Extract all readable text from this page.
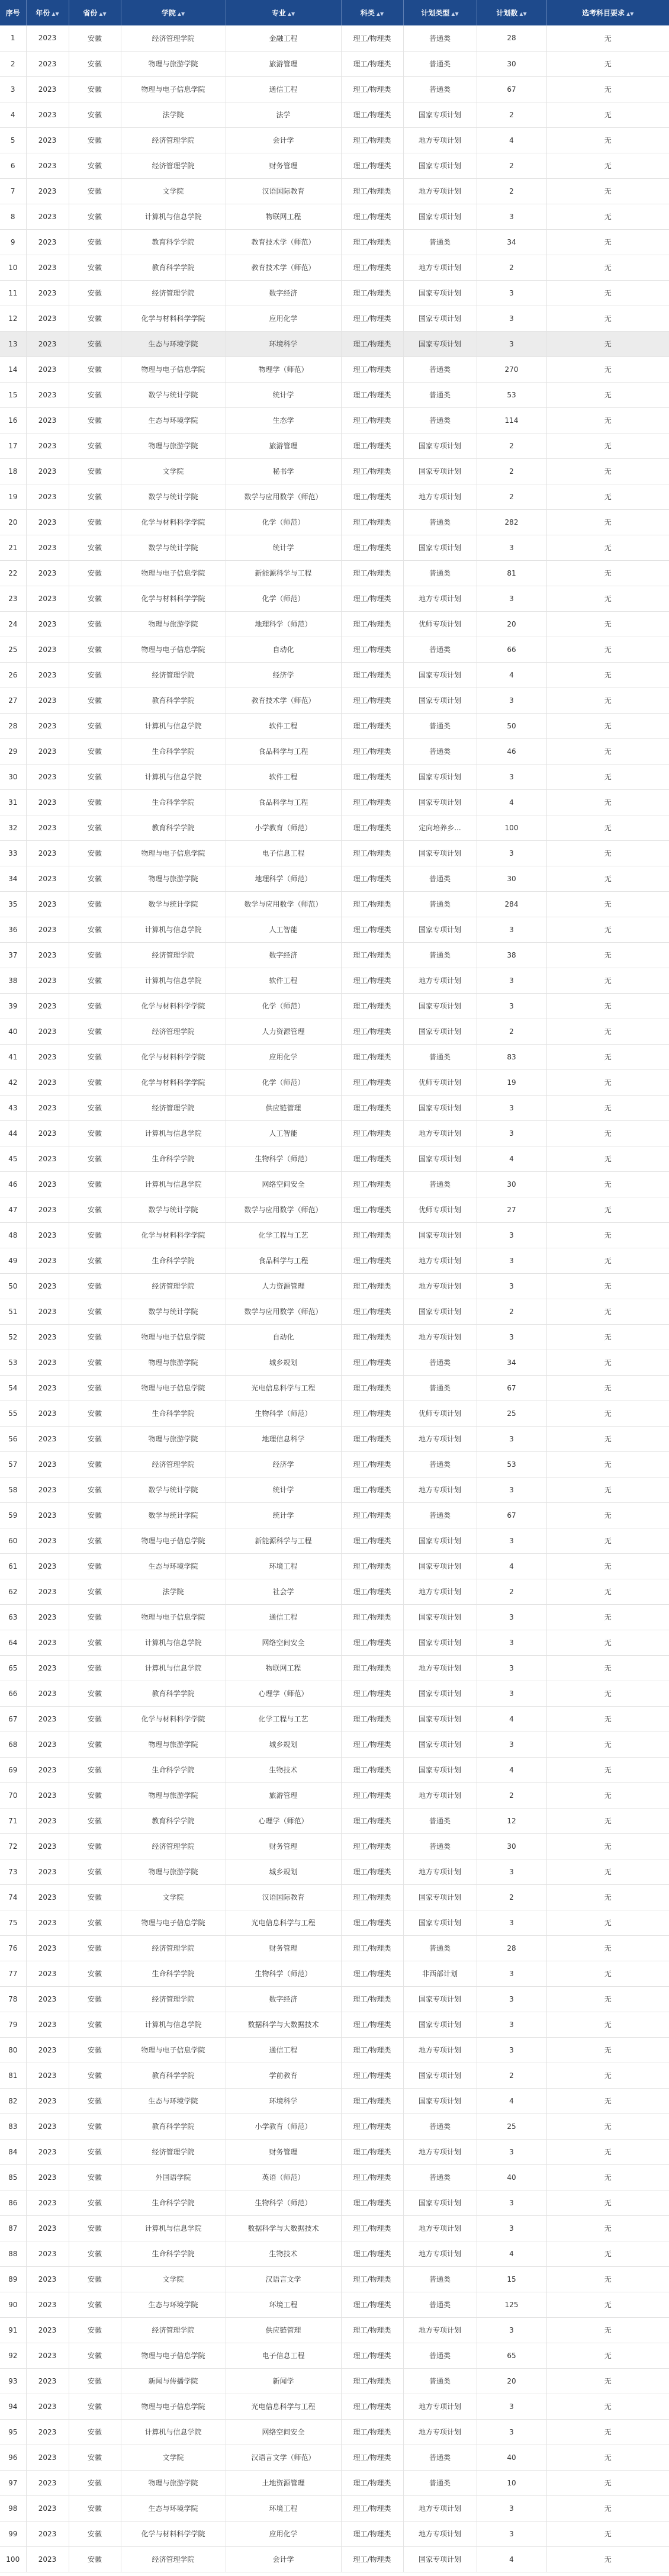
序号	年份 ▲▼	省份 ▲▼	学院 ▲▼	专业 ▲▼	科类 ▲▼	计划类型 ▲▼	计划数 ▲▼	选考科目要求 ▲▼
1	2023	安徽	经济管理学院	金融工程	理工/物理类	普通类	28	无
2	2023	安徽	物理与旅游学院	旅游管理	理工/物理类	普通类	30	无
3	2023	安徽	物理与电子信息学院	通信工程	理工/物理类	普通类	67	无
4	2023	安徽	法学院	法学	理工/物理类	国家专项计划	2	无
5	2023	安徽	经济管理学院	会计学	理工/物理类	地方专项计划	4	无
6	2023	安徽	经济管理学院	财务管理	理工/物理类	国家专项计划	2	无
7	2023	安徽	文学院	汉语国际教育	理工/物理类	地方专项计划	2	无
8	2023	安徽	计算机与信息学院	物联网工程	理工/物理类	国家专项计划	3	无
9	2023	安徽	教育科学学院	教育技术学（师范）	理工/物理类	普通类	34	无
10	2023	安徽	教育科学学院	教育技术学（师范）	理工/物理类	地方专项计划	2	无
11	2023	安徽	经济管理学院	数字经济	理工/物理类	国家专项计划	3	无
12	2023	安徽	化学与材料科学学院	应用化学	理工/物理类	国家专项计划	3	无
13	2023	安徽	生态与环境学院	环境科学	理工/物理类	国家专项计划	3	无
14	2023	安徽	物理与电子信息学院	物理学（师范）	理工/物理类	普通类	270	无
15	2023	安徽	数学与统计学院	统计学	理工/物理类	普通类	53	无
16	2023	安徽	生态与环境学院	生态学	理工/物理类	普通类	114	无
17	2023	安徽	物理与旅游学院	旅游管理	理工/物理类	国家专项计划	2	无
18	2023	安徽	文学院	秘书学	理工/物理类	国家专项计划	2	无
19	2023	安徽	数学与统计学院	数学与应用数学（师范）	理工/物理类	地方专项计划	2	无
20	2023	安徽	化学与材料科学学院	化学（师范）	理工/物理类	普通类	282	无
21	2023	安徽	数学与统计学院	统计学	理工/物理类	国家专项计划	3	无
22	2023	安徽	物理与电子信息学院	新能源科学与工程	理工/物理类	普通类	81	无
23	2023	安徽	化学与材料科学学院	化学（师范）	理工/物理类	地方专项计划	3	无
24	2023	安徽	物理与旅游学院	地理科学（师范）	理工/物理类	优师专项计划	20	无
25	2023	安徽	物理与电子信息学院	自动化	理工/物理类	普通类	66	无
26	2023	安徽	经济管理学院	经济学	理工/物理类	国家专项计划	4	无
27	2023	安徽	教育科学学院	教育技术学（师范）	理工/物理类	国家专项计划	3	无
28	2023	安徽	计算机与信息学院	软件工程	理工/物理类	普通类	50	无
29	2023	安徽	生命科学学院	食品科学与工程	理工/物理类	普通类	46	无
30	2023	安徽	计算机与信息学院	软件工程	理工/物理类	国家专项计划	3	无
31	2023	安徽	生命科学学院	食品科学与工程	理工/物理类	国家专项计划	4	无
32	2023	安徽	教育科学学院	小学教育（师范）	理工/物理类	定向培养乡...	100	无
33	2023	安徽	物理与电子信息学院	电子信息工程	理工/物理类	国家专项计划	3	无
34	2023	安徽	物理与旅游学院	地理科学（师范）	理工/物理类	普通类	30	无
35	2023	安徽	数学与统计学院	数学与应用数学（师范）	理工/物理类	普通类	284	无
36	2023	安徽	计算机与信息学院	人工智能	理工/物理类	国家专项计划	3	无
37	2023	安徽	经济管理学院	数字经济	理工/物理类	普通类	38	无
38	2023	安徽	计算机与信息学院	软件工程	理工/物理类	地方专项计划	3	无
39	2023	安徽	化学与材料科学学院	化学（师范）	理工/物理类	国家专项计划	3	无
40	2023	安徽	经济管理学院	人力资源管理	理工/物理类	国家专项计划	2	无
41	2023	安徽	化学与材料科学学院	应用化学	理工/物理类	普通类	83	无
42	2023	安徽	化学与材料科学学院	化学（师范）	理工/物理类	优师专项计划	19	无
43	2023	安徽	经济管理学院	供应链管理	理工/物理类	国家专项计划	3	无
44	2023	安徽	计算机与信息学院	人工智能	理工/物理类	地方专项计划	3	无
45	2023	安徽	生命科学学院	生物科学（师范）	理工/物理类	国家专项计划	4	无
46	2023	安徽	计算机与信息学院	网络空间安全	理工/物理类	普通类	30	无
47	2023	安徽	数学与统计学院	数学与应用数学（师范）	理工/物理类	优师专项计划	27	无
48	2023	安徽	化学与材料科学学院	化学工程与工艺	理工/物理类	国家专项计划	3	无
49	2023	安徽	生命科学学院	食品科学与工程	理工/物理类	地方专项计划	3	无
50	2023	安徽	经济管理学院	人力资源管理	理工/物理类	地方专项计划	3	无
51	2023	安徽	数学与统计学院	数学与应用数学（师范）	理工/物理类	国家专项计划	2	无
52	2023	安徽	物理与电子信息学院	自动化	理工/物理类	地方专项计划	3	无
53	2023	安徽	物理与旅游学院	城乡规划	理工/物理类	普通类	34	无
54	2023	安徽	物理与电子信息学院	光电信息科学与工程	理工/物理类	普通类	67	无
55	2023	安徽	生命科学学院	生物科学（师范）	理工/物理类	优师专项计划	25	无
56	2023	安徽	物理与旅游学院	地理信息科学	理工/物理类	地方专项计划	3	无
57	2023	安徽	经济管理学院	经济学	理工/物理类	普通类	53	无
58	2023	安徽	数学与统计学院	统计学	理工/物理类	地方专项计划	3	无
59	2023	安徽	数学与统计学院	统计学	理工/物理类	普通类	67	无
60	2023	安徽	物理与电子信息学院	新能源科学与工程	理工/物理类	国家专项计划	3	无
61	2023	安徽	生态与环境学院	环境工程	理工/物理类	国家专项计划	4	无
62	2023	安徽	法学院	社会学	理工/物理类	地方专项计划	2	无
63	2023	安徽	物理与电子信息学院	通信工程	理工/物理类	国家专项计划	3	无
64	2023	安徽	计算机与信息学院	网络空间安全	理工/物理类	国家专项计划	3	无
65	2023	安徽	计算机与信息学院	物联网工程	理工/物理类	地方专项计划	3	无
66	2023	安徽	教育科学学院	心理学（师范）	理工/物理类	国家专项计划	3	无
67	2023	安徽	化学与材料科学学院	化学工程与工艺	理工/物理类	国家专项计划	4	无
68	2023	安徽	物理与旅游学院	城乡规划	理工/物理类	国家专项计划	3	无
69	2023	安徽	生命科学学院	生物技术	理工/物理类	国家专项计划	4	无
70	2023	安徽	物理与旅游学院	旅游管理	理工/物理类	地方专项计划	2	无
71	2023	安徽	教育科学学院	心理学（师范）	理工/物理类	普通类	12	无
72	2023	安徽	经济管理学院	财务管理	理工/物理类	普通类	30	无
73	2023	安徽	物理与旅游学院	城乡规划	理工/物理类	地方专项计划	3	无
74	2023	安徽	文学院	汉语国际教育	理工/物理类	国家专项计划	2	无
75	2023	安徽	物理与电子信息学院	光电信息科学与工程	理工/物理类	国家专项计划	3	无
76	2023	安徽	经济管理学院	财务管理	理工/物理类	普通类	28	无
77	2023	安徽	生命科学学院	生物科学（师范）	理工/物理类	非西部计划	3	无
78	2023	安徽	经济管理学院	数字经济	理工/物理类	国家专项计划	3	无
79	2023	安徽	计算机与信息学院	数据科学与大数据技术	理工/物理类	国家专项计划	3	无
80	2023	安徽	物理与电子信息学院	通信工程	理工/物理类	地方专项计划	3	无
81	2023	安徽	教育科学学院	学前教育	理工/物理类	国家专项计划	2	无
82	2023	安徽	生态与环境学院	环境科学	理工/物理类	国家专项计划	4	无
83	2023	安徽	教育科学学院	小学教育（师范）	理工/物理类	普通类	25	无
84	2023	安徽	经济管理学院	财务管理	理工/物理类	地方专项计划	3	无
85	2023	安徽	外国语学院	英语（师范）	理工/物理类	普通类	40	无
86	2023	安徽	生命科学学院	生物科学（师范）	理工/物理类	国家专项计划	3	无
87	2023	安徽	计算机与信息学院	数据科学与大数据技术	理工/物理类	地方专项计划	3	无
88	2023	安徽	生命科学学院	生物技术	理工/物理类	地方专项计划	4	无
89	2023	安徽	文学院	汉语言文学	理工/物理类	普通类	15	无
90	2023	安徽	生态与环境学院	环境工程	理工/物理类	普通类	125	无
91	2023	安徽	经济管理学院	供应链管理	理工/物理类	地方专项计划	3	无
92	2023	安徽	物理与电子信息学院	电子信息工程	理工/物理类	普通类	65	无
93	2023	安徽	新闻与传播学院	新闻学	理工/物理类	普通类	20	无
94	2023	安徽	物理与电子信息学院	光电信息科学与工程	理工/物理类	地方专项计划	3	无
95	2023	安徽	计算机与信息学院	网络空间安全	理工/物理类	地方专项计划	3	无
96	2023	安徽	文学院	汉语言文学（师范）	理工/物理类	普通类	40	无
97	2023	安徽	物理与旅游学院	土地资源管理	理工/物理类	普通类	10	无
98	2023	安徽	生态与环境学院	环境工程	理工/物理类	地方专项计划	3	无
99	2023	安徽	化学与材料科学学院	应用化学	理工/物理类	地方专项计划	3	无
100	2023	安徽	经济管理学院	会计学	理工/物理类	国家专项计划	4	无
